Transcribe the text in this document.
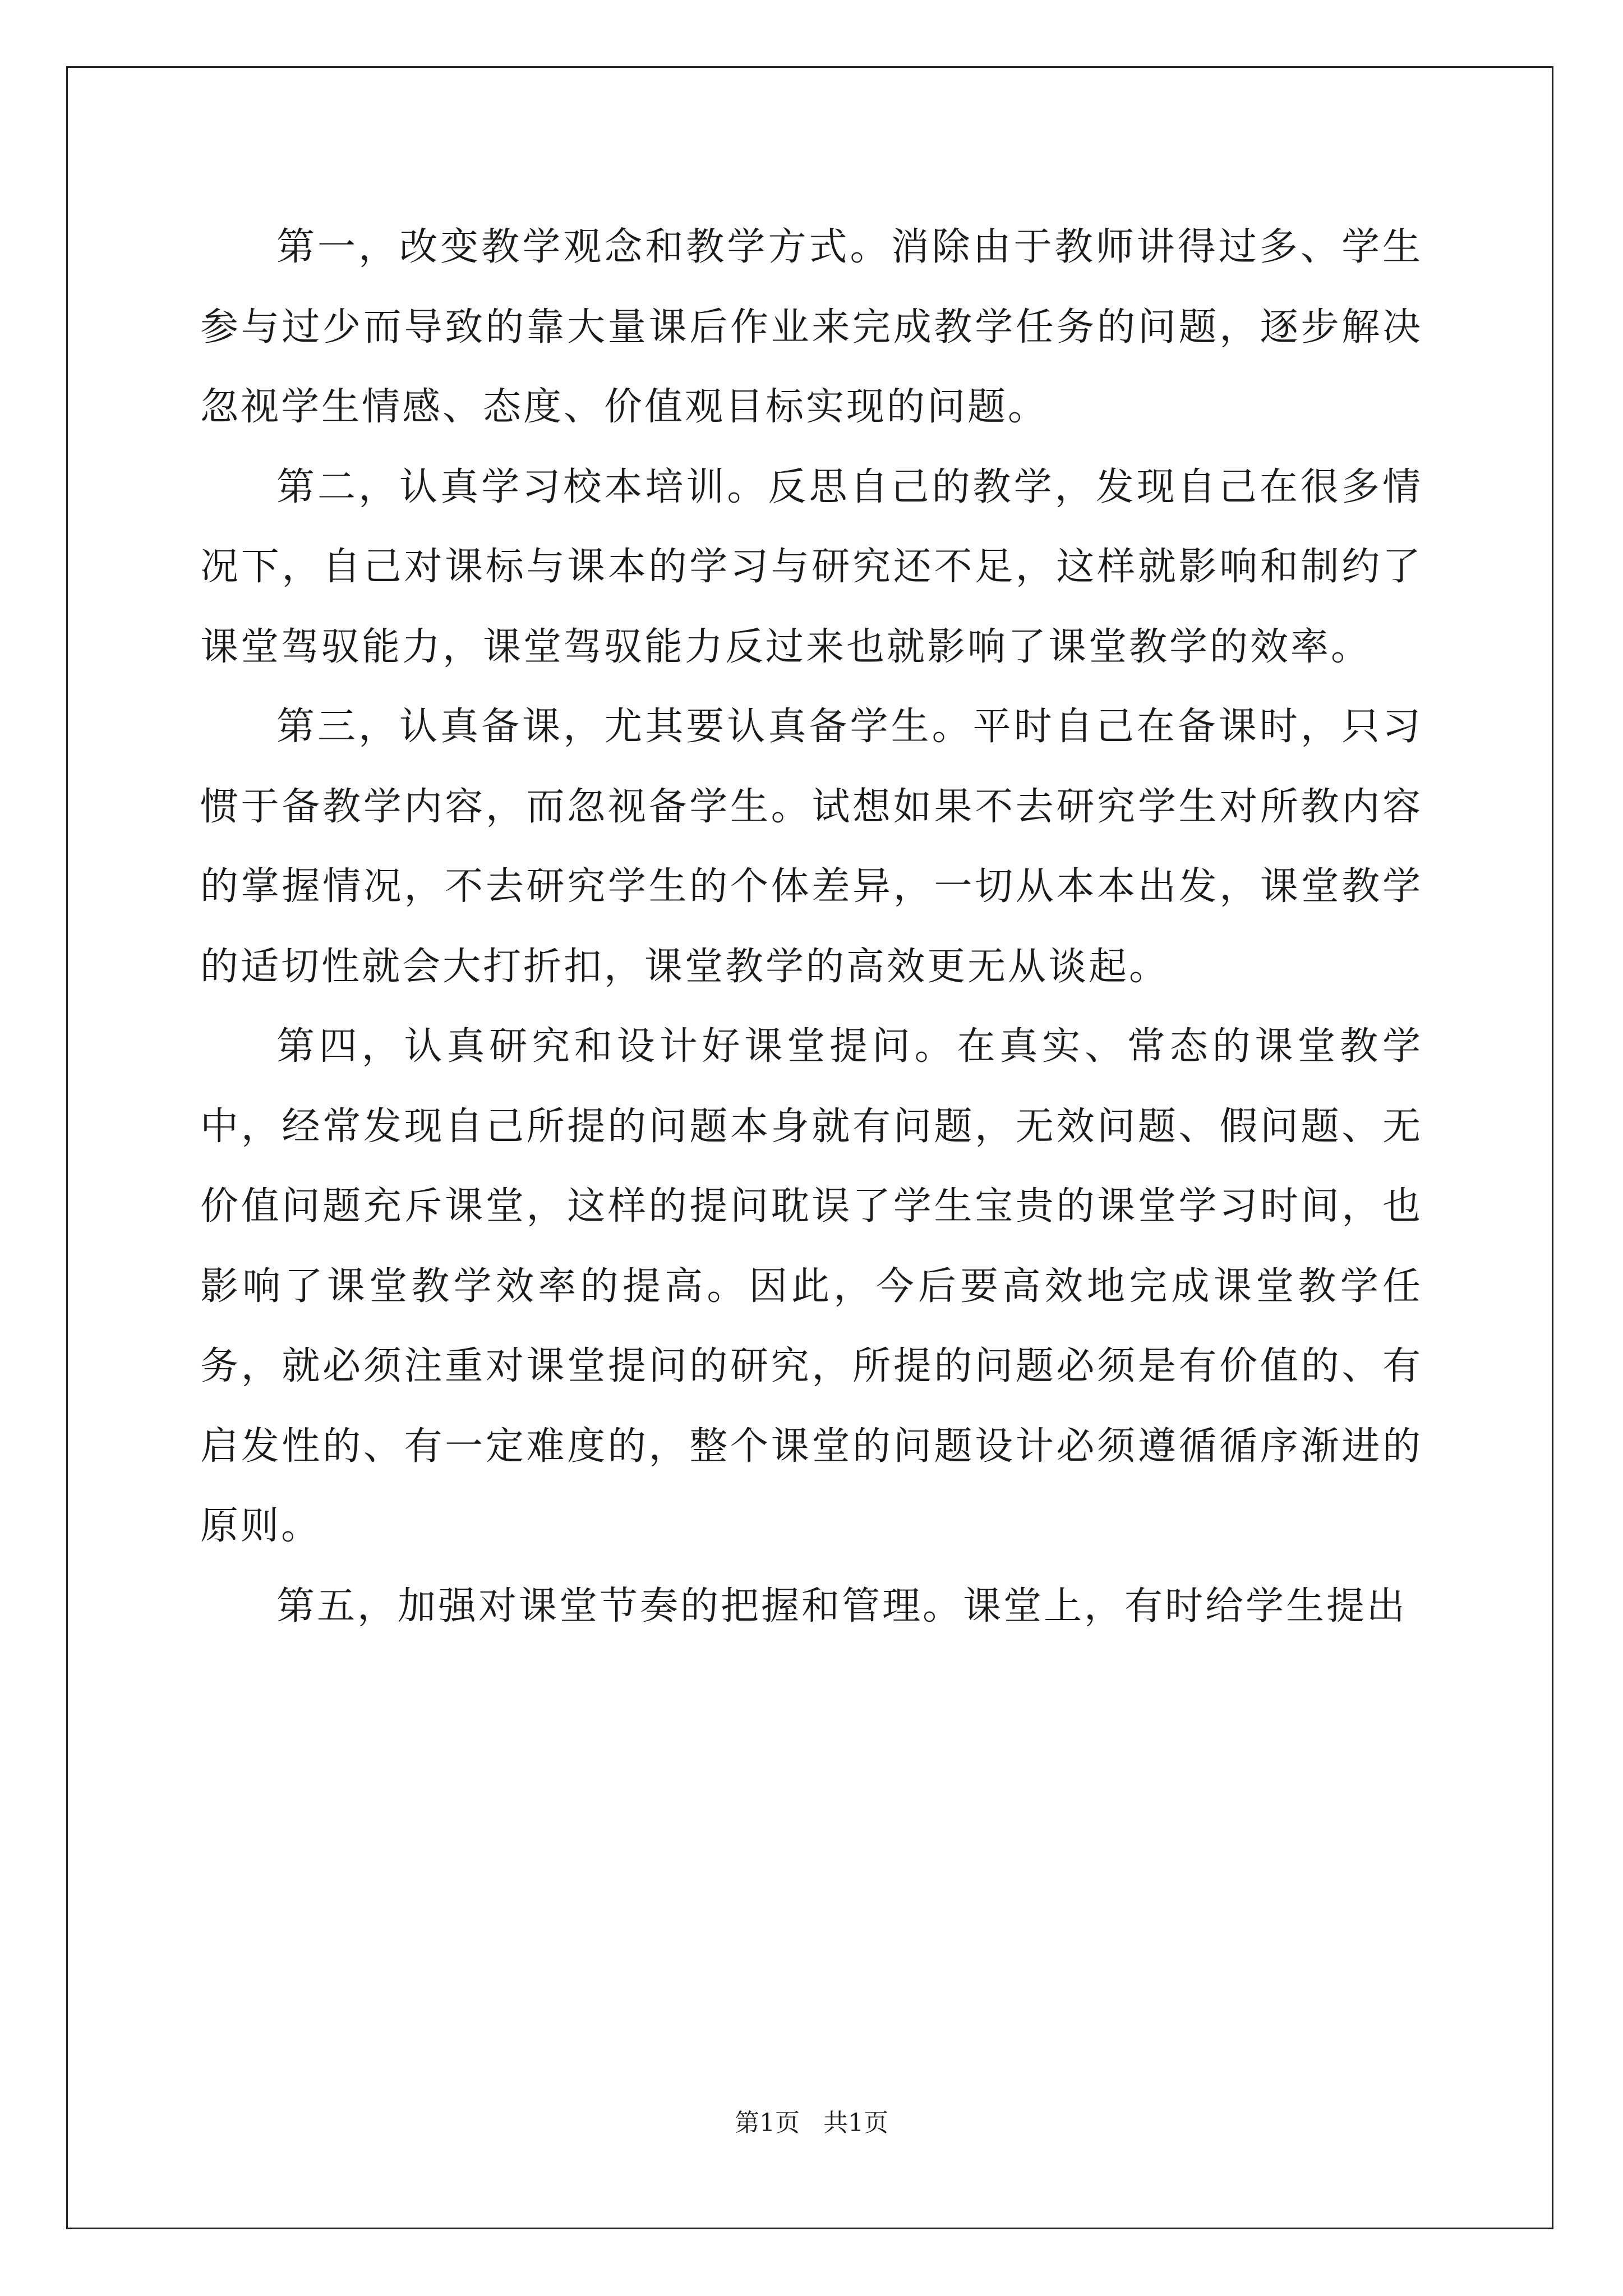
第一，改变教学观念和教学方式。消除由于教师讲得过多、学生参与过少而导致的靠大量课后作业来完成教学任务的问题，逐步解决忽视学生情感、态度、价值观目标实现的问题。

第二，认真学习校本培训。反思自己的教学，发现自己在很多情况下，自己对课标与课本的学习与研究还不足，这样就影响和制约了课堂驾驭能力，课堂驾驭能力反过来也就影响了课堂教学的效率。

第三，认真备课，尤其要认真备学生。平时自己在备课时，只习惯于备教学内容，而忽视备学生。试想如果不去研究学生对所教内容的掌握情况，不去研究学生的个体差异，一切从本本出发，课堂教学的适切性就会大打折扣，课堂教学的高效更无从谈起。

第四，认真研究和设计好课堂提问。在真实、常态的课堂教学中，经常发现自己所提的问题本身就有问题，无效问题、假问题、无价值问题充斥课堂，这样的提问耽误了学生宝贵的课堂学习时间，也影响了课堂教学效率的提高。因此，今后要高效地完成课堂教学任务，就必须注重对课堂提问的研究，所提的问题必须是有价值的、有启发性的、有一定难度的，整个课堂的问题设计必须遵循循序渐进的原则。

第五，加强对课堂节奏的把握和管理。课堂上，有时给学生提出

第1页   共1页
